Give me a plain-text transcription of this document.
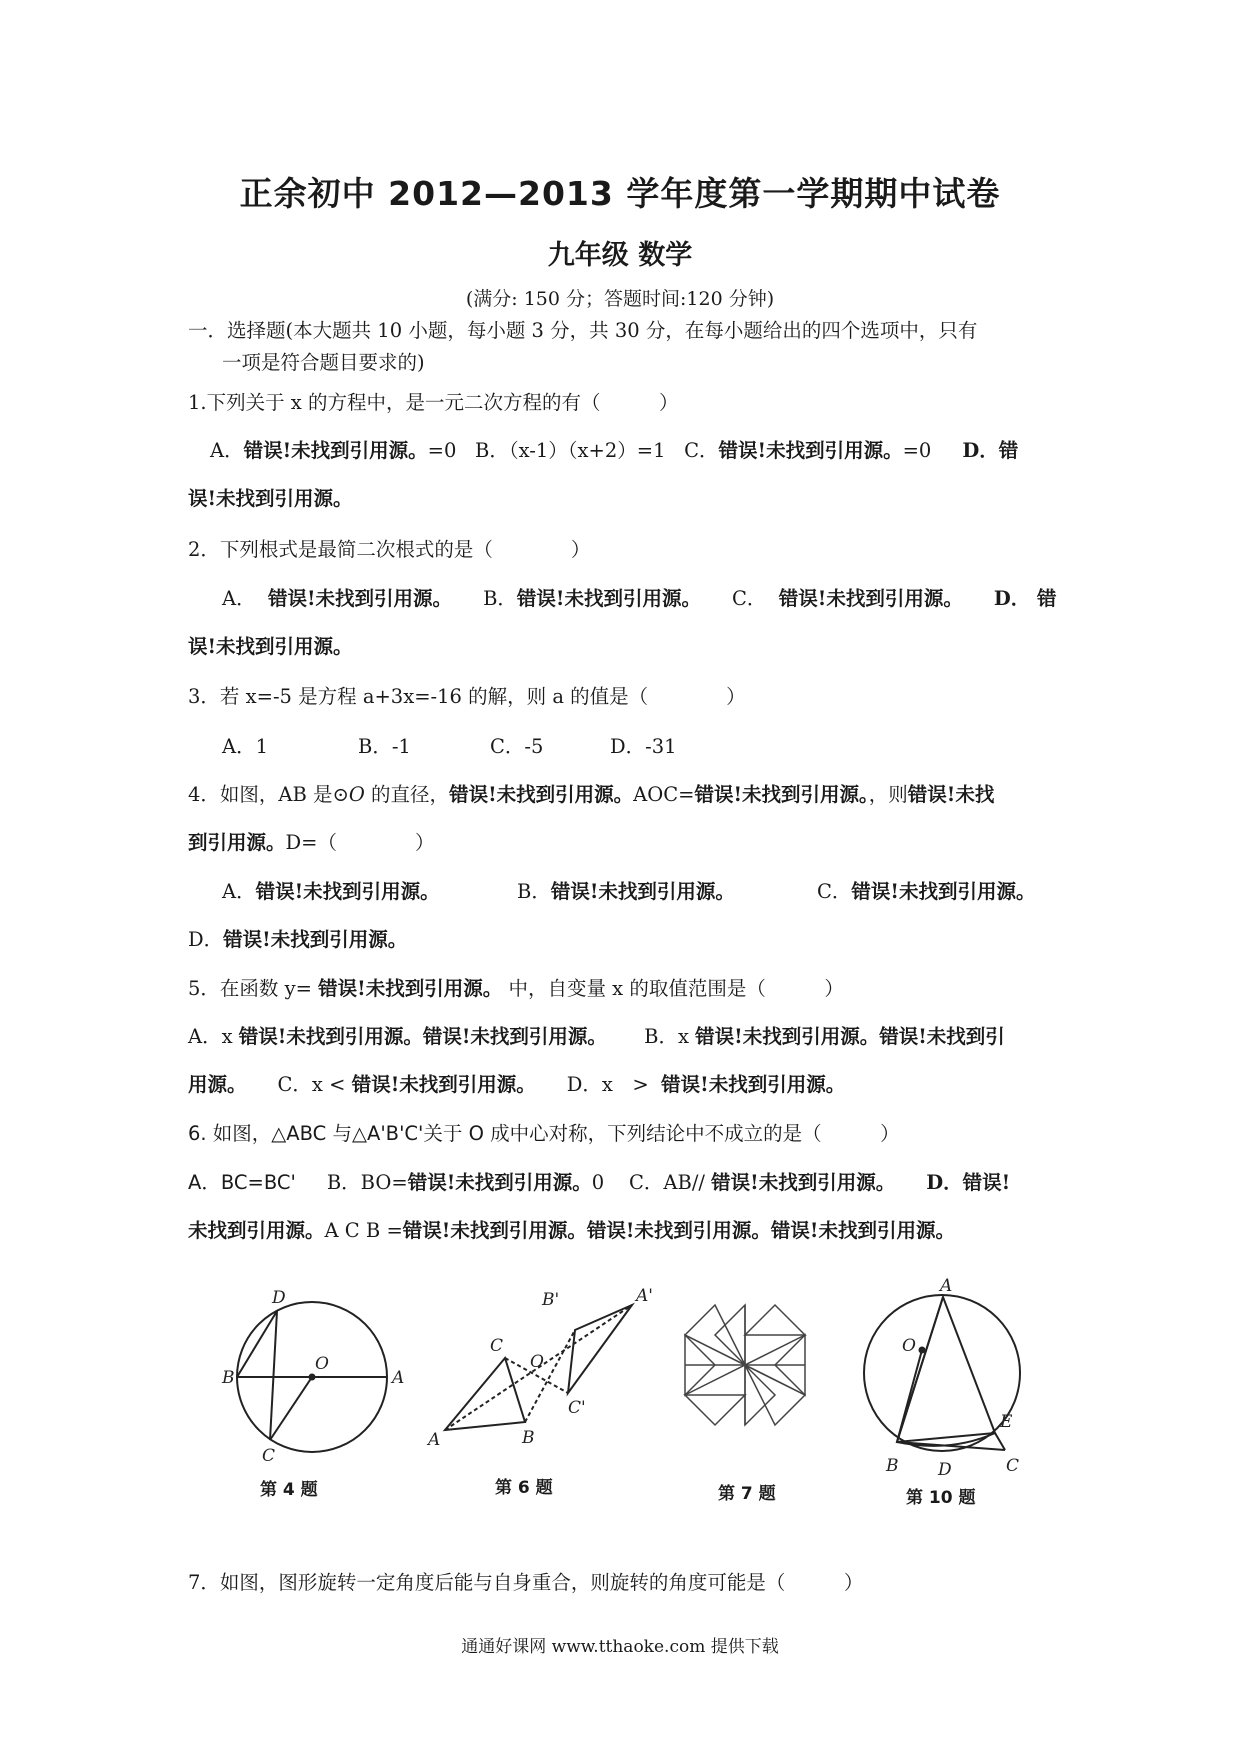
正余初中 2012—2013 学年度第一学期期中试卷
九年级 数学
(满分: 150 分；答题时间:120 分钟)
一．选择题(本大题共 10 小题，每小题 3 分，共 30 分，在每小题给出的四个选项中，只有
一项是符合题目要求的)
1.下列关于 x 的方程中，是一元二次方程的有（　　　）
A．错误!未找到引用源。=0 B．（x-1）（x+2）=1 C．错误!未找到引用源。=0 D．错
误!未找到引用源。
2．下列根式是最简二次根式的是（　　　　）
A． 错误!未找到引用源。 B．错误!未找到引用源。 C． 错误!未找到引用源。 D． 错
误!未找到引用源。
3．若 x=-5 是方程 a+3x=-16 的解，则 a 的值是（　　　　）
A．1	B．-1	C．-5	D．-31
4．如图，AB 是⊙O 的直径，错误!未找到引用源。AOC=错误!未找到引用源。，则错误!未找
到引用源。D=（　　　　）
A．错误!未找到引用源。	B．错误!未找到引用源。	C．错误!未找到引用源。
D．错误!未找到引用源。
5．在函数 y= 错误!未找到引用源。 中，自变量 x 的取值范围是（　　　）
A．x 错误!未找到引用源。错误!未找到引用源。 B．x 错误!未找到引用源。错误!未找到引
用源。 C．x < 错误!未找到引用源。 D．x　> 错误!未找到引用源。
6. 如图，△ABC 与△A'B'C'关于 O 成中心对称，下列结论中不成立的是（　　　）
A．BC=BC' B．BO=错误!未找到引用源。0 C．AB// 错误!未找到引用源。 D．错误!
未找到引用源。A C B =错误!未找到引用源。错误!未找到引用源。错误!未找到引用源。
D
B
O
A
C
B'	A'
C
O
C'
A	B
A
O
E
B D	C
第 4 题	第 6 题	第 7 题	第 10 题
7．如图，图形旋转一定角度后能与自身重合，则旋转的角度可能是（　　　）
通通好课网 www.tthaoke.com 提供下载
